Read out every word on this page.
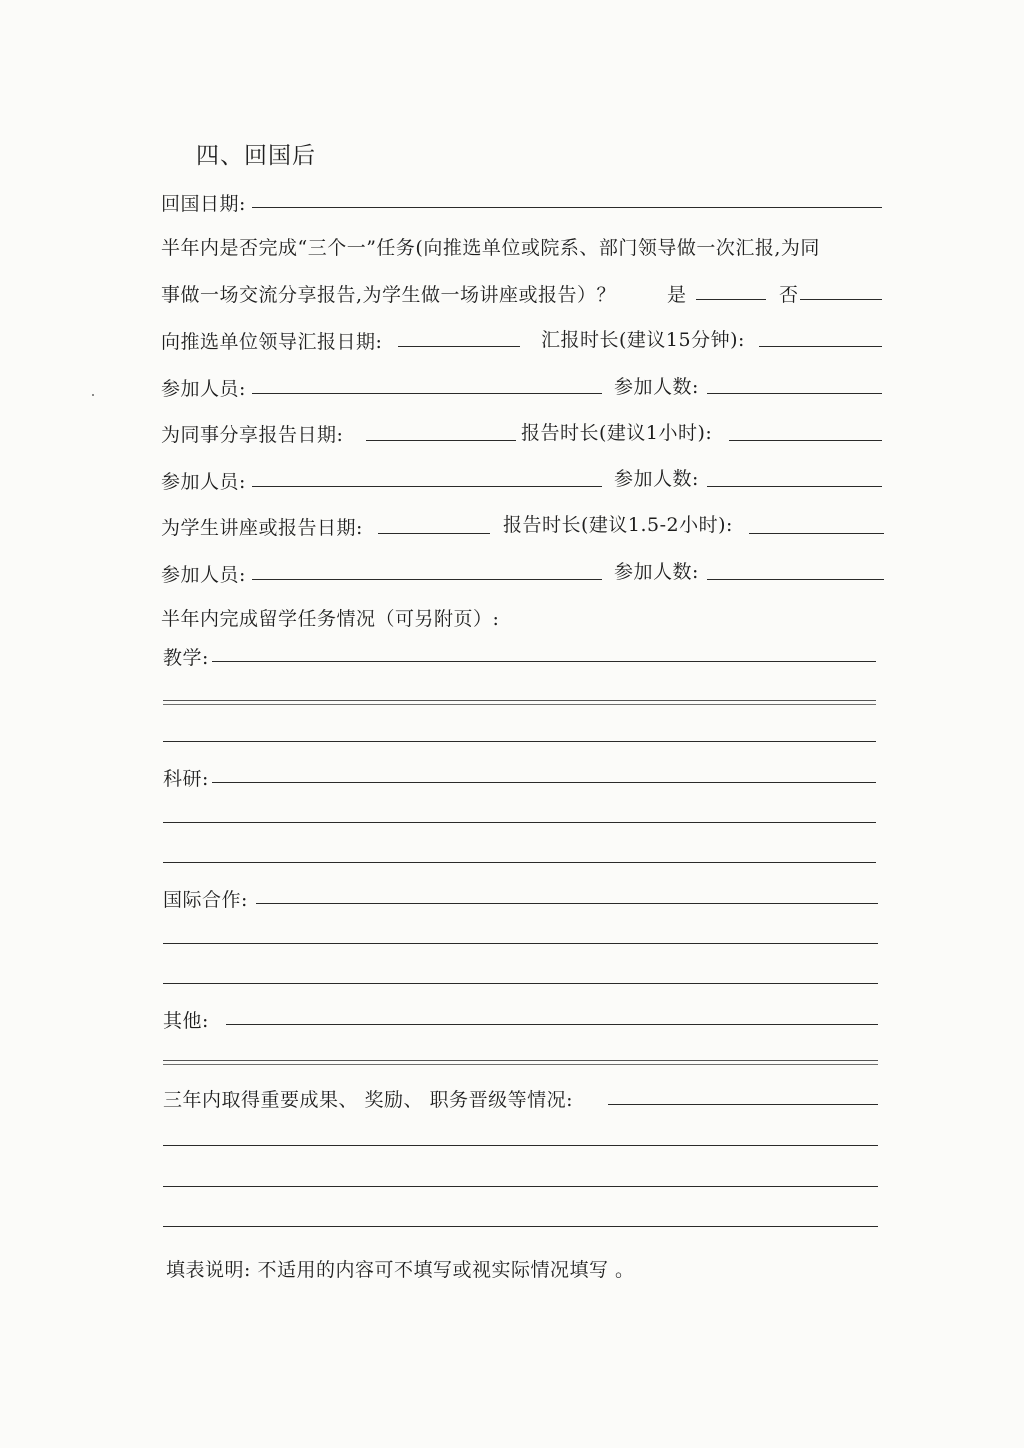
四、回国后
回国日期:
半年内是否完成“三个一”任务(向推选单位或院系、部门领导做一次汇报,为同
事做一场交流分享报告,为学生做一场讲座或报告）？	是	否
向推选单位领导汇报日期:	汇报时长(建议15分钟):
参加人员:	参加人数:
为同事分享报告日期:	报告时长(建议1小时):
参加人员:	参加人数:
为学生讲座或报告日期:	报告时长(建议1.5-2小时):
参加人员:	参加人数:
半年内完成留学任务情况（可另附页）:
教学:
科研:
国际合作:
其他:
三年内取得重要成果、 奖励、 职务晋级等情况:
填表说明: 不适用的内容可不填写或视实际情况填写 。
